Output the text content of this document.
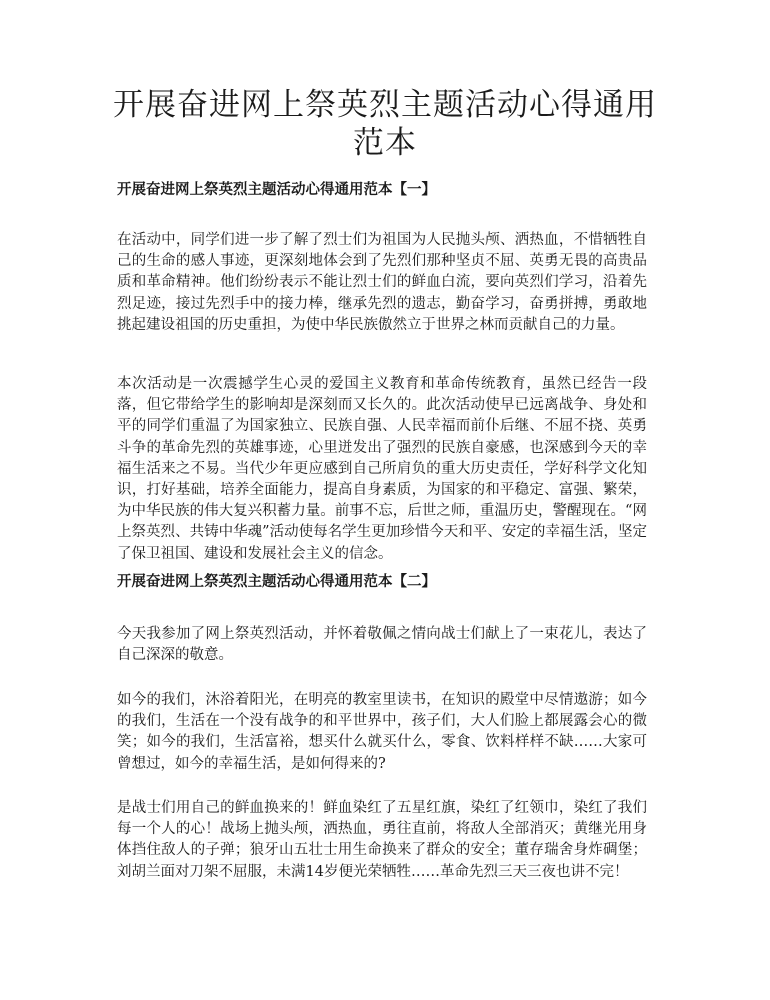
开展奋进网上祭英烈主题活动心得通用范本
开展奋进网上祭英烈主题活动心得通用范本【一】

在活动中，同学们进一步了解了烈士们为祖国为人民抛头颅、洒热血，不惜牺牲自己的生命的感人事迹，更深刻地体会到了先烈们那种坚贞不屈、英勇无畏的高贵品质和革命精神。他们纷纷表示不能让烈士们的鲜血白流，要向英烈们学习，沿着先烈足迹，接过先烈手中的接力棒，继承先烈的遗志，勤奋学习，奋勇拼搏，勇敢地挑起建设祖国的历史重担，为使中华民族傲然立于世界之林而贡献自己的力量。

本次活动是一次震撼学生心灵的爱国主义教育和革命传统教育，虽然已经告一段落，但它带给学生的影响却是深刻而又长久的。此次活动使早已远离战争、身处和平的同学们重温了为国家独立、民族自强、人民幸福而前仆后继、不屈不挠、英勇斗争的革命先烈的英雄事迹，心里迸发出了强烈的民族自豪感，也深感到今天的幸福生活来之不易。当代少年更应感到自己所肩负的重大历史责任，学好科学文化知识，打好基础，培养全面能力，提高自身素质，为国家的和平稳定、富强、繁荣，为中华民族的伟大复兴积蓄力量。前事不忘，后世之师，重温历史，警醒现在。“网上祭英烈、共铸中华魂”活动使每名学生更加珍惜今天和平、安定的幸福生活，坚定了保卫祖国、建设和发展社会主义的信念。

开展奋进网上祭英烈主题活动心得通用范本【二】

今天我参加了网上祭英烈活动，并怀着敬佩之情向战士们献上了一束花儿，表达了自己深深的敬意。

如今的我们，沐浴着阳光，在明亮的教室里读书，在知识的殿堂中尽情遨游；如今的我们，生活在一个没有战争的和平世界中，孩子们，大人们脸上都展露会心的微笑；如今的我们，生活富裕，想买什么就买什么，零食、饮料样样不缺……大家可曾想过，如今的幸福生活，是如何得来的?

是战士们用自己的鲜血换来的！鲜血染红了五星红旗，染红了红领巾，染红了我们每一个人的心！战场上抛头颅，洒热血，勇往直前，将敌人全部消灭；黄继光用身体挡住敌人的子弹；狼牙山五壮士用生命换来了群众的安全；董存瑞舍身炸碉堡；刘胡兰面对刀架不屈服，未满14岁便光荣牺牲……革命先烈三天三夜也讲不完！
